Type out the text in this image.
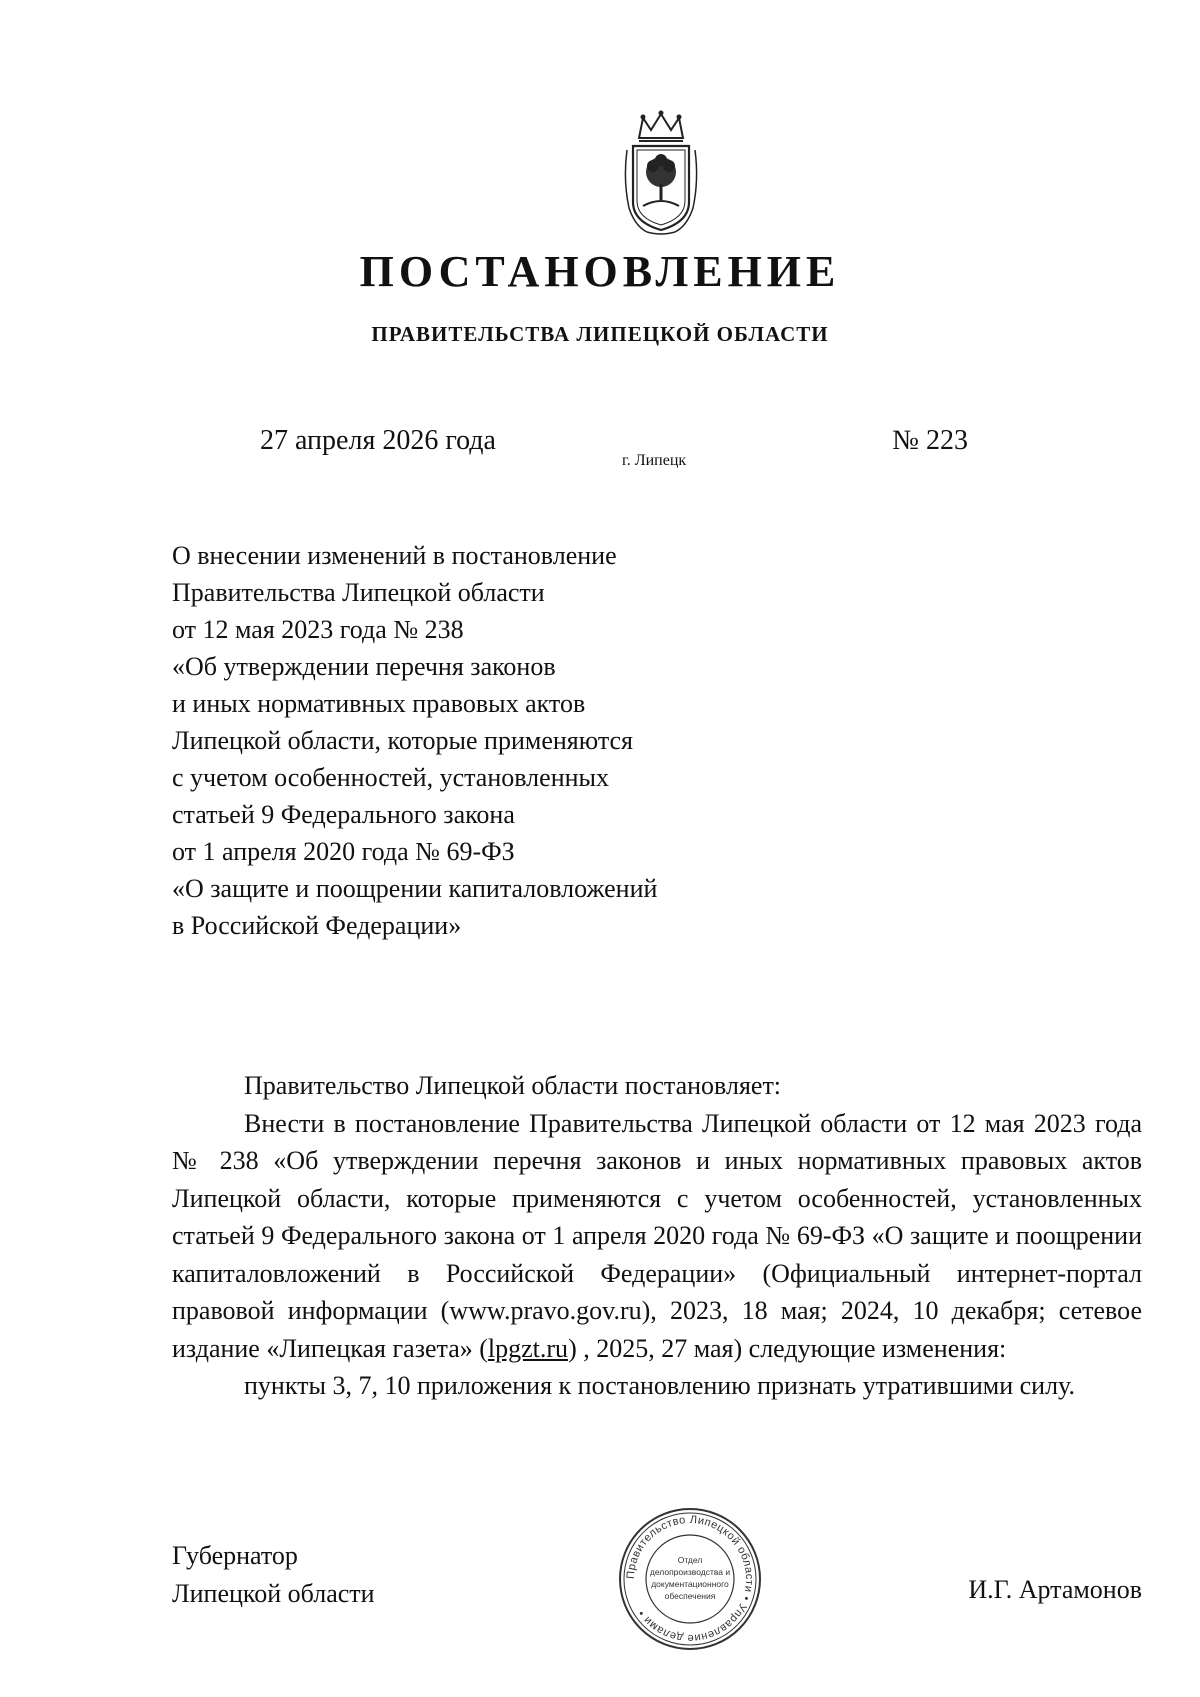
ПОСТАНОВЛЕНИЕ
ПРАВИТЕЛЬСТВА ЛИПЕЦКОЙ ОБЛАСТИ
27 апреля 2026 года
г. Липецк
№ 223
О внесении изменений в постановление
Правительства Липецкой области
от 12 мая 2023 года № 238
«Об утверждении перечня законов
и иных нормативных правовых актов
Липецкой области, которые применяются
с учетом особенностей, установленных
статьей 9 Федерального закона
от 1 апреля 2020 года № 69-ФЗ
«О защите и поощрении капиталовложений
в Российской Федерации»

Правительство Липецкой области постановляет:

Внести в постановление Правительства Липецкой области от 12 мая 2023 года № 238 «Об утверждении перечня законов и иных нормативных правовых актов Липецкой области, которые применяются с учетом особенностей, установленных статьей 9 Федерального закона от 1 апреля 2020 года № 69-ФЗ «О защите и поощрении капиталовложений в Российской Федерации» (Официальный интернет-портал правовой информации (www.pravo.gov.ru), 2023, 18 мая; 2024, 10 декабря; сетевое издание «Липецкая газета» (lpgzt.ru) , 2025, 27 мая) следующие изменения:

пункты 3, 7, 10 приложения к постановлению признать утратившими силу.

Губернатор
Липецкой области	И.Г. Артамонов
Правительство Липецкой области • Управление делами •
Отдел
делопроизводства и
документационного
обеспечения
